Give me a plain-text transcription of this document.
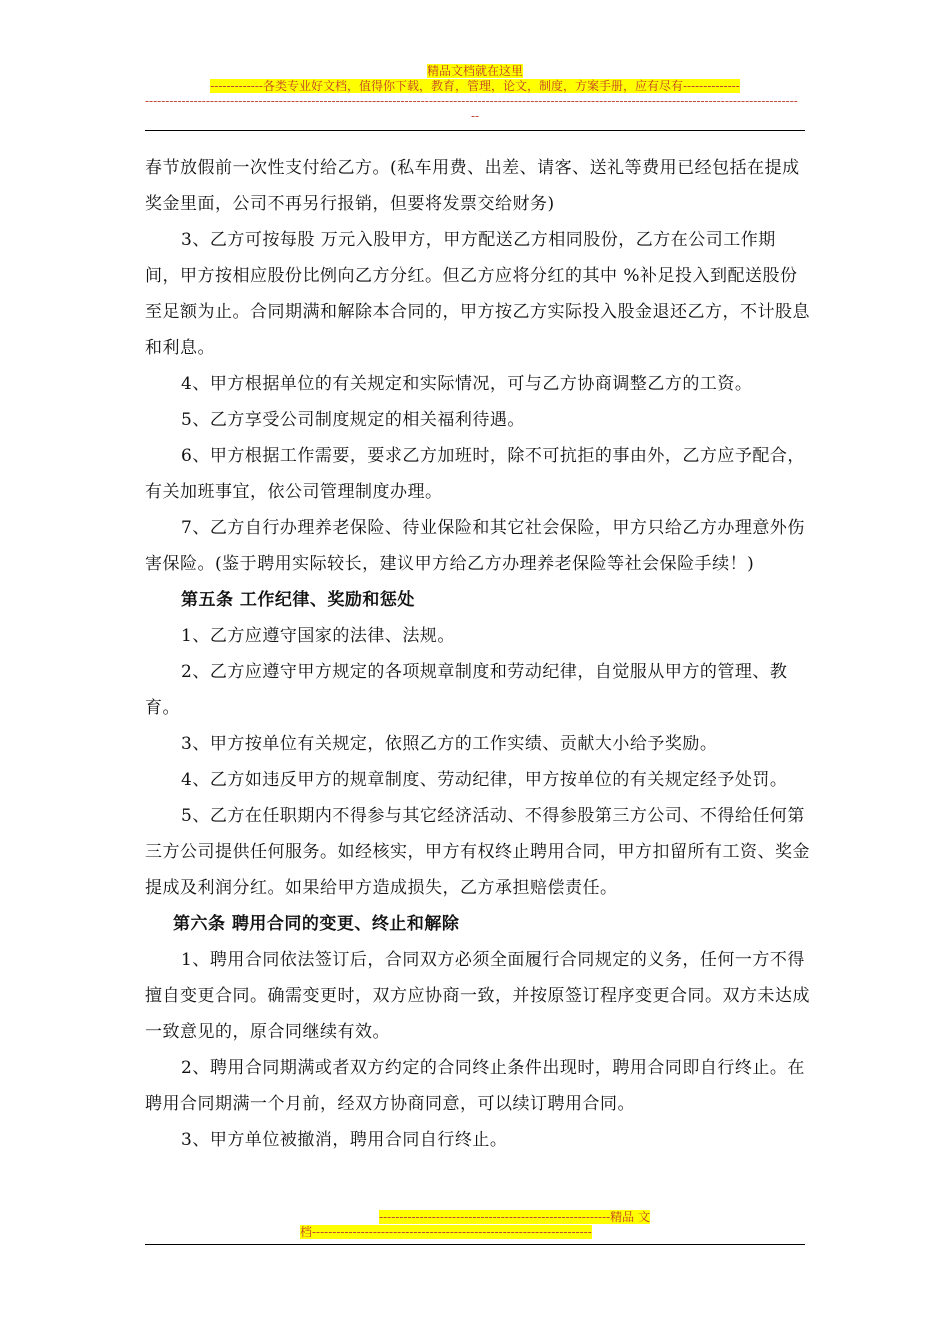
精品文档就在这里
-------------各类专业好文档，值得你下载，教育，管理，论文，制度，方案手册，应有尽有--------------
-----------------------------------------------------------------------------------------------------------------------------------------------------------------
--

春节放假前一次性支付给乙方。(私车用费、出差、请客、送礼等费用已经包括在提成奖金里面，公司不再另行报销，但要将发票交给财务)

3、乙方可按每股 万元入股甲方，甲方配送乙方相同股份，乙方在公司工作期间，甲方按相应股份比例向乙方分红。但乙方应将分红的其中 %补足投入到配送股份至足额为止。合同期满和解除本合同的，甲方按乙方实际投入股金退还乙方，不计股息和利息。

4、甲方根据单位的有关规定和实际情况，可与乙方协商调整乙方的工资。

5、乙方享受公司制度规定的相关福利待遇。

6、甲方根据工作需要，要求乙方加班时，除不可抗拒的事由外，乙方应予配合，有关加班事宜，依公司管理制度办理。

7、乙方自行办理养老保险、待业保险和其它社会保险，甲方只给乙方办理意外伤害保险。(鉴于聘用实际较长，建议甲方给乙方办理养老保险等社会保险手续！)

第五条 工作纪律、奖励和惩处

1、乙方应遵守国家的法律、法规。

2、乙方应遵守甲方规定的各项规章制度和劳动纪律，自觉服从甲方的管理、教育。

3、甲方按单位有关规定，依照乙方的工作实绩、贡献大小给予奖励。

4、乙方如违反甲方的规章制度、劳动纪律，甲方按单位的有关规定经予处罚。

5、乙方在任职期内不得参与其它经济活动、不得参股第三方公司、不得给任何第三方公司提供任何服务。如经核实，甲方有权终止聘用合同，甲方扣留所有工资、奖金提成及利润分红。如果给甲方造成损失，乙方承担赔偿责任。

第六条 聘用合同的变更、终止和解除

1、聘用合同依法签订后，合同双方必须全面履行合同规定的义务，任何一方不得擅自变更合同。确需变更时，双方应协商一致，并按原签订程序变更合同。双方未达成一致意见的，原合同继续有效。

2、聘用合同期满或者双方约定的合同终止条件出现时，聘用合同即自行终止。在聘用合同期满一个月前，经双方协商同意，可以续订聘用合同。

3、甲方单位被撤消，聘用合同自行终止。

---------------------------------------------------------精品 文
档---------------------------------------------------------------------
